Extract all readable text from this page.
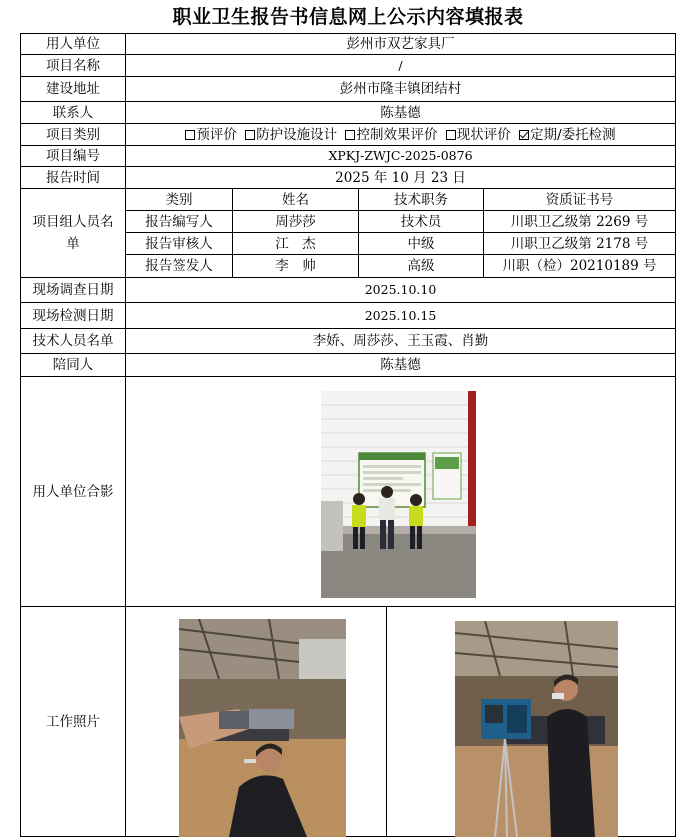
职业卫生报告书信息网上公示内容填报表
用人单位	彭州市双艺家具厂				
项目名称	/				
建设地址	彭州市隆丰镇团结村				
联系人	陈基德				
项目类别	预评价 防护设施设计 控制效果评价 现状评价 定期/委托检测				
项目编号	XPKJ-ZWJC-2025-0876				
报告时间	2025 年 10 月 23 日				
项目组人员名单	类别	姓名	技术职务		资质证书号
	报告编写人	周莎莎	技术员		川职卫乙级第 2269 号
	报告审核人	江　杰	中级		川职卫乙级第 2178 号
	报告签发人	李　帅	高级		川职（检）20210189 号
现场调查日期	2025.10.10				
现场检测日期	2025.10.15				
技术人员名单	李娇、周莎莎、王玉霞、肖勤				
陪同人	陈基德				
用人单位合影					
工作照片					
